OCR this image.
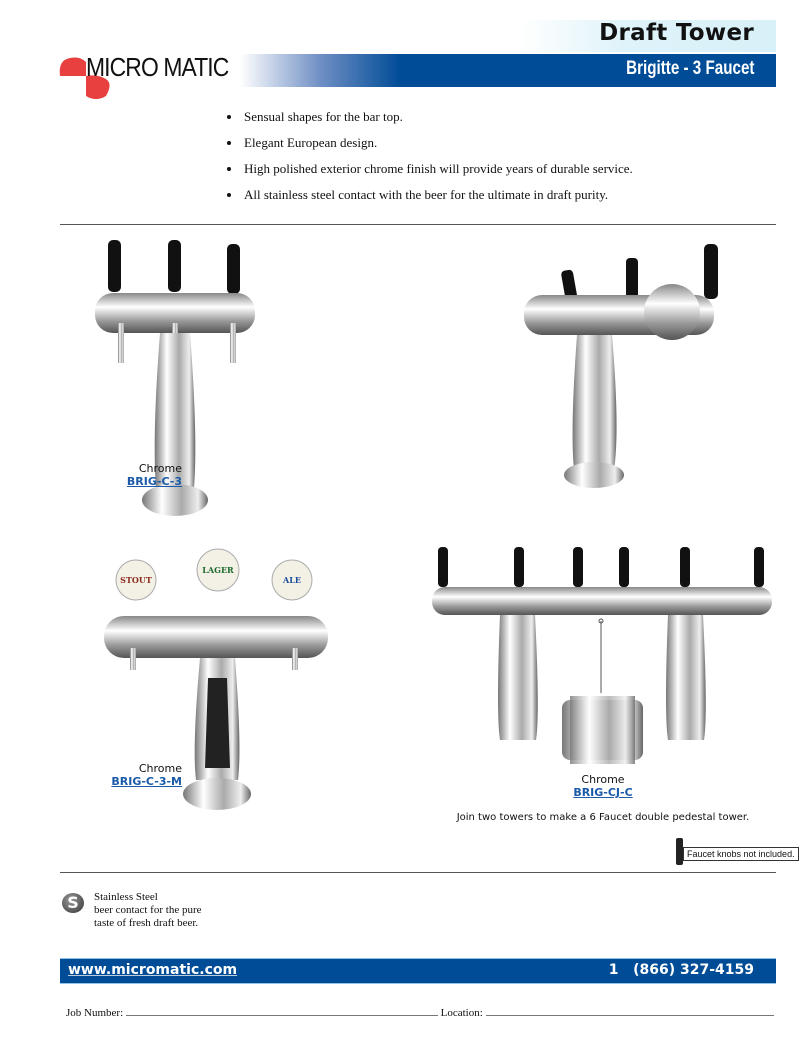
Draft Tower
Brigitte - 3 Faucet
MICRO MATIC
• Sensual shapes for the bar top.
• Elegant European design.
• High polished exterior chrome finish will provide years of durable service.
• All stainless steel contact with the beer for the ultimate in draft purity.
Chrome
BRIG-C-3
STOUT
LAGER
ALE
Chrome
BRIG-C-3-M	Chrome
BRIG-CJ-C
Join two towers to make a 6 Faucet double pedestal tower.
Faucet knobs not included.
S	Stainless Steel
beer contact for the pure
taste of fresh draft beer.
www.micromatic.com	1   (866) 327-4159
Job Number:	Location:
